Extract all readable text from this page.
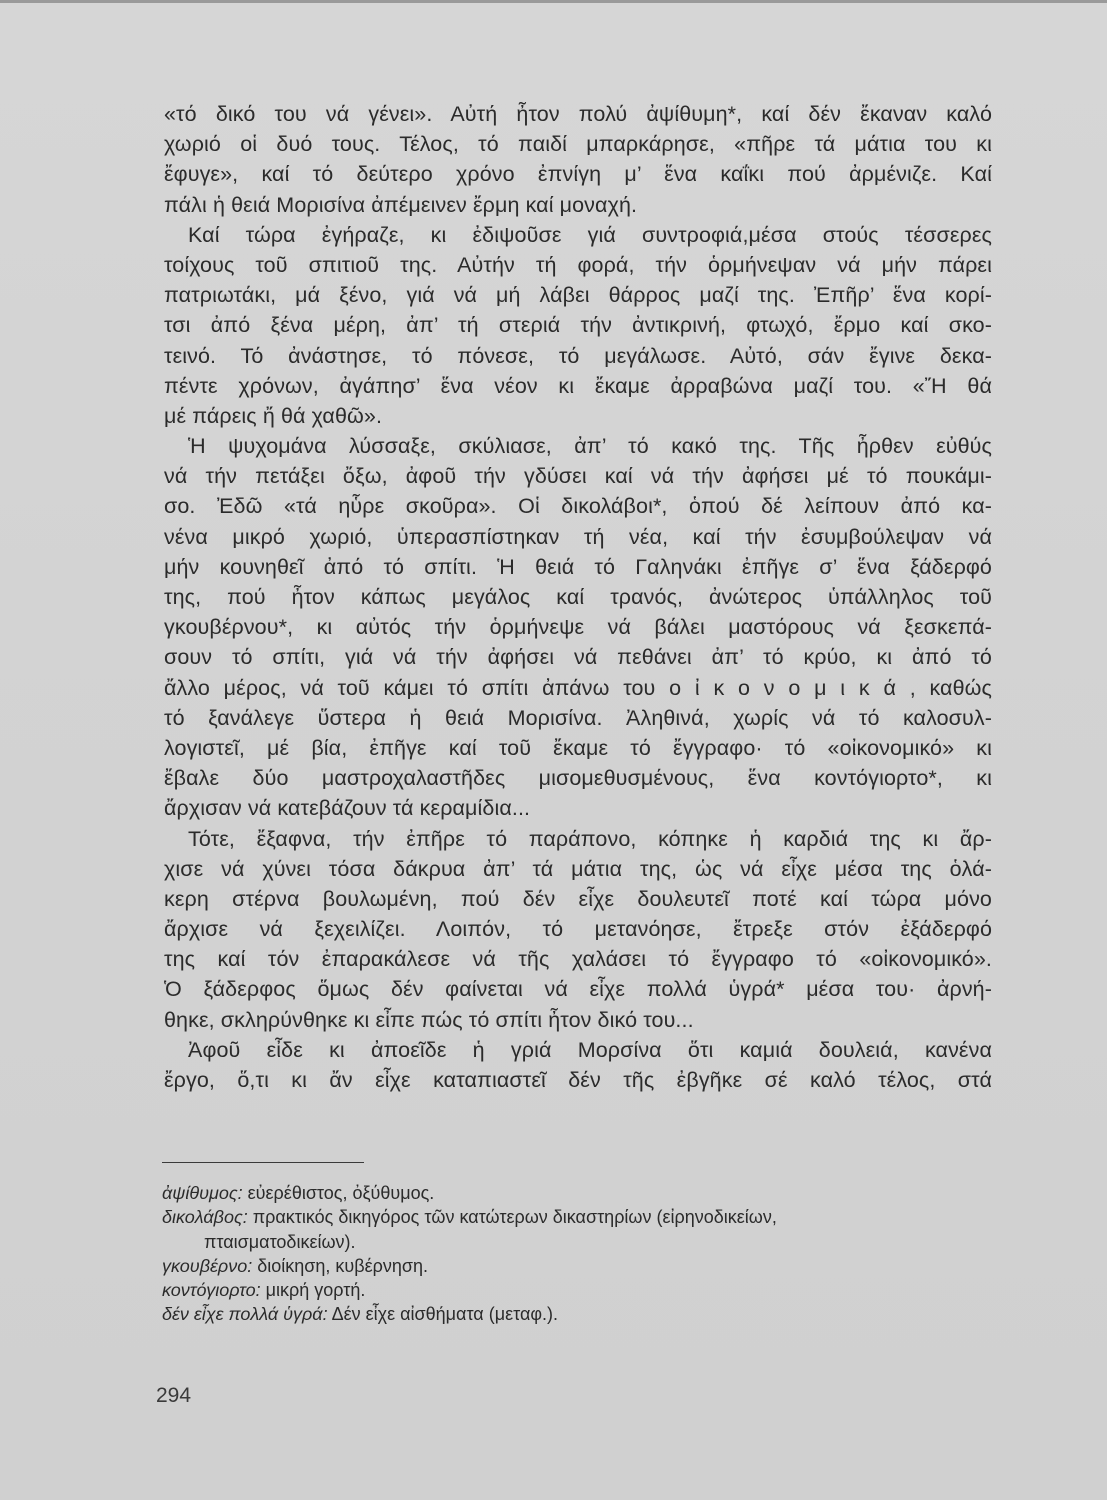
«τό δικό του νά γένει». Αὐτή ἦτον πολύ ἀψίθυμη*, καί δέν ἔκαναν καλό
χωριό οἱ δυό τους. Τέλος, τό παιδί μπαρκάρησε, «πῆρε τά μάτια του κι
ἔφυγε», καί τό δεύτερο χρόνο ἐπνίγη μ’ ἕνα καΐκι πού ἀρμένιζε. Καί
πάλι ἡ θειά Μορισίνα ἀπέμεινεν ἔρμη καί μοναχή.
Καί τώρα ἐγήραζε, κι ἐδιψοῦσε γιά συντροφιά,μέσα στούς τέσσερες
τοίχους τοῦ σπιτιοῦ της. Αὐτήν τή φορά, τήν ὁρμήνεψαν νά μήν πάρει
πατριωτάκι, μά ξένο, γιά νά μή λάβει θάρρος μαζί της. Ἐπῆρ’ ἕνα κορί-
τσι ἀπό ξένα μέρη, ἀπ’ τή στεριά τήν ἀντικρινή, φτωχό, ἔρμο καί σκο-
τεινό. Τό ἀνάστησε, τό πόνεσε, τό μεγάλωσε. Αὐτό, σάν ἔγινε δεκα-
πέντε χρόνων, ἀγάπησ’ ἕνα νέον κι ἔκαμε ἀρραβώνα μαζί του. «Ἤ θά
μέ πάρεις ἤ θά χαθῶ».
Ἡ ψυχομάνα λύσσαξε, σκύλιασε, ἀπ’ τό κακό της. Τῆς ἦρθεν εὐθύς
νά τήν πετάξει ὄξω, ἀφοῦ τήν γδύσει καί νά τήν ἀφήσει μέ τό πουκάμι-
σο. Ἐδῶ «τά ηὗρε σκοῦρα». Οἱ δικολάβοι*, ὁπού δέ λείπουν ἀπό κα-
νένα μικρό χωριό, ὑπερασπίστηκαν τή νέα, καί τήν ἐσυμβούλεψαν νά
μήν κουνηθεῖ ἀπό τό σπίτι. Ἡ θειά τό Γαληνάκι ἐπῆγε σ’ ἕνα ξάδερφό
της, πού ἦτον κάπως μεγάλος καί τρανός, ἀνώτερος ὑπάλληλος τοῦ
γκουβέρνου*, κι αὐτός τήν ὁρμήνεψε νά βάλει μαστόρους νά ξεσκεπά-
σουν τό σπίτι, γιά νά τήν ἀφήσει νά πεθάνει ἀπ’ τό κρύο, κι ἀπό τό
ἄλλο μέρος, νά τοῦ κάμει τό σπίτι ἀπάνω του ο ἰ κ ο ν ο μ ι κ ά , καθώς
τό ξανάλεγε ὕστερα ἡ θειά Μορισίνα. Ἀληθινά, χωρίς νά τό καλοσυλ-
λογιστεῖ, μέ βία, ἐπῆγε καί τοῦ ἔκαμε τό ἔγγραφο· τό «οἰκονομικό» κι
ἔβαλε δύο μαστροχαλαστῆδες μισομεθυσμένους, ἕνα κοντόγιορτο*, κι
ἄρχισαν νά κατεβάζουν τά κεραμίδια...
Τότε, ἔξαφνα, τήν ἐπῆρε τό παράπονο, κόπηκε ἡ καρδιά της κι ἄρ-
χισε νά χύνει τόσα δάκρυα ἀπ’ τά μάτια της, ὡς νά εἶχε μέσα της ὁλά-
κερη στέρνα βουλωμένη, πού δέν εἶχε δουλευτεῖ ποτέ καί τώρα μόνο
ἄρχισε νά ξεχειλίζει. Λοιπόν, τό μετανόησε, ἔτρεξε στόν ἐξάδερφό
της καί τόν ἐπαρακάλεσε νά τῆς χαλάσει τό ἔγγραφο τό «οἰκονομικό».
Ὁ ξάδερφος ὅμως δέν φαίνεται νά εἶχε πολλά ὑγρά* μέσα του· ἀρνή-
θηκε, σκληρύνθηκε κι εἶπε πώς τό σπίτι ἦτον δικό του...
Ἀφοῦ εἶδε κι ἀποεῖδε ἡ γριά Μορσίνα ὅτι καμιά δουλειά, κανένα
ἔργο, ὅ,τι κι ἄν εἶχε καταπιαστεῖ δέν τῆς ἐβγῆκε σέ καλό τέλος, στά
ἀψίθυμος: εὐερέθιστος, ὀξύθυμος.
δικολάβος: πρακτικός δικηγόρος τῶν κατώτερων δικαστηρίων (εἰρηνοδικείων,
πταισματοδικείων).
γκουβέρνο: διοίκηση, κυβέρνηση.
κοντόγιορτο: μικρή γορτή.
δέν εἶχε πολλά ὑγρά: Δέν εἶχε αἰσθήματα (μεταφ.).
294
